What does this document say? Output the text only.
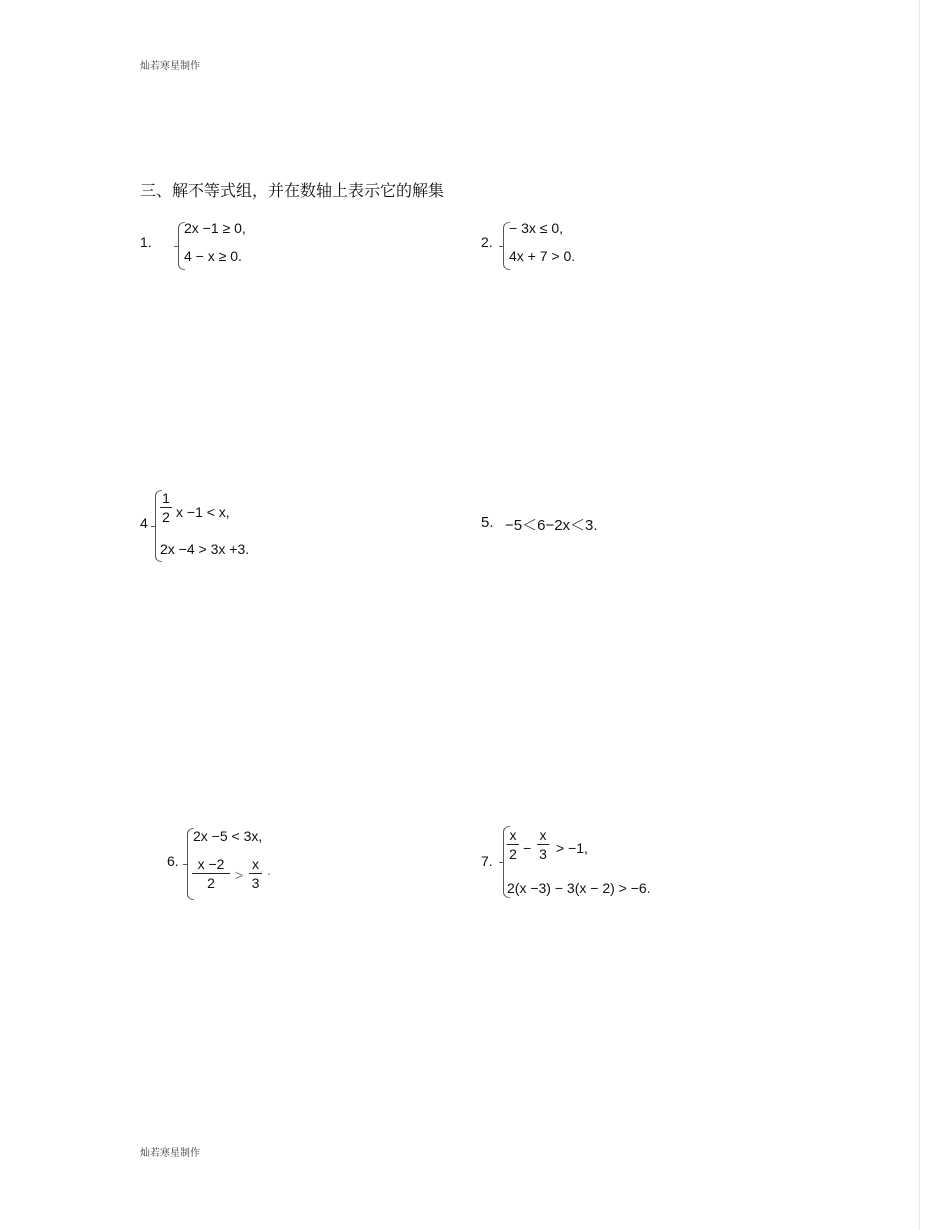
灿若寒星制作
三、解不等式组，并在数轴上表示它的解集
1.
2x −1 ≥ 0,
4 − x ≥ 0.
2.
− 3x ≤ 0,
4x + 7 > 0.
4
1
2 x −1 < x,
2x −4 > 3x +3.
5. −5＜6−2x＜3.
6.
2x −5 < 3x,
x −2
2	>
x
3
.
7.
x
2 −
x
3 > −1,
2(x −3) − 3(x − 2) > −6.
灿若寒星制作
